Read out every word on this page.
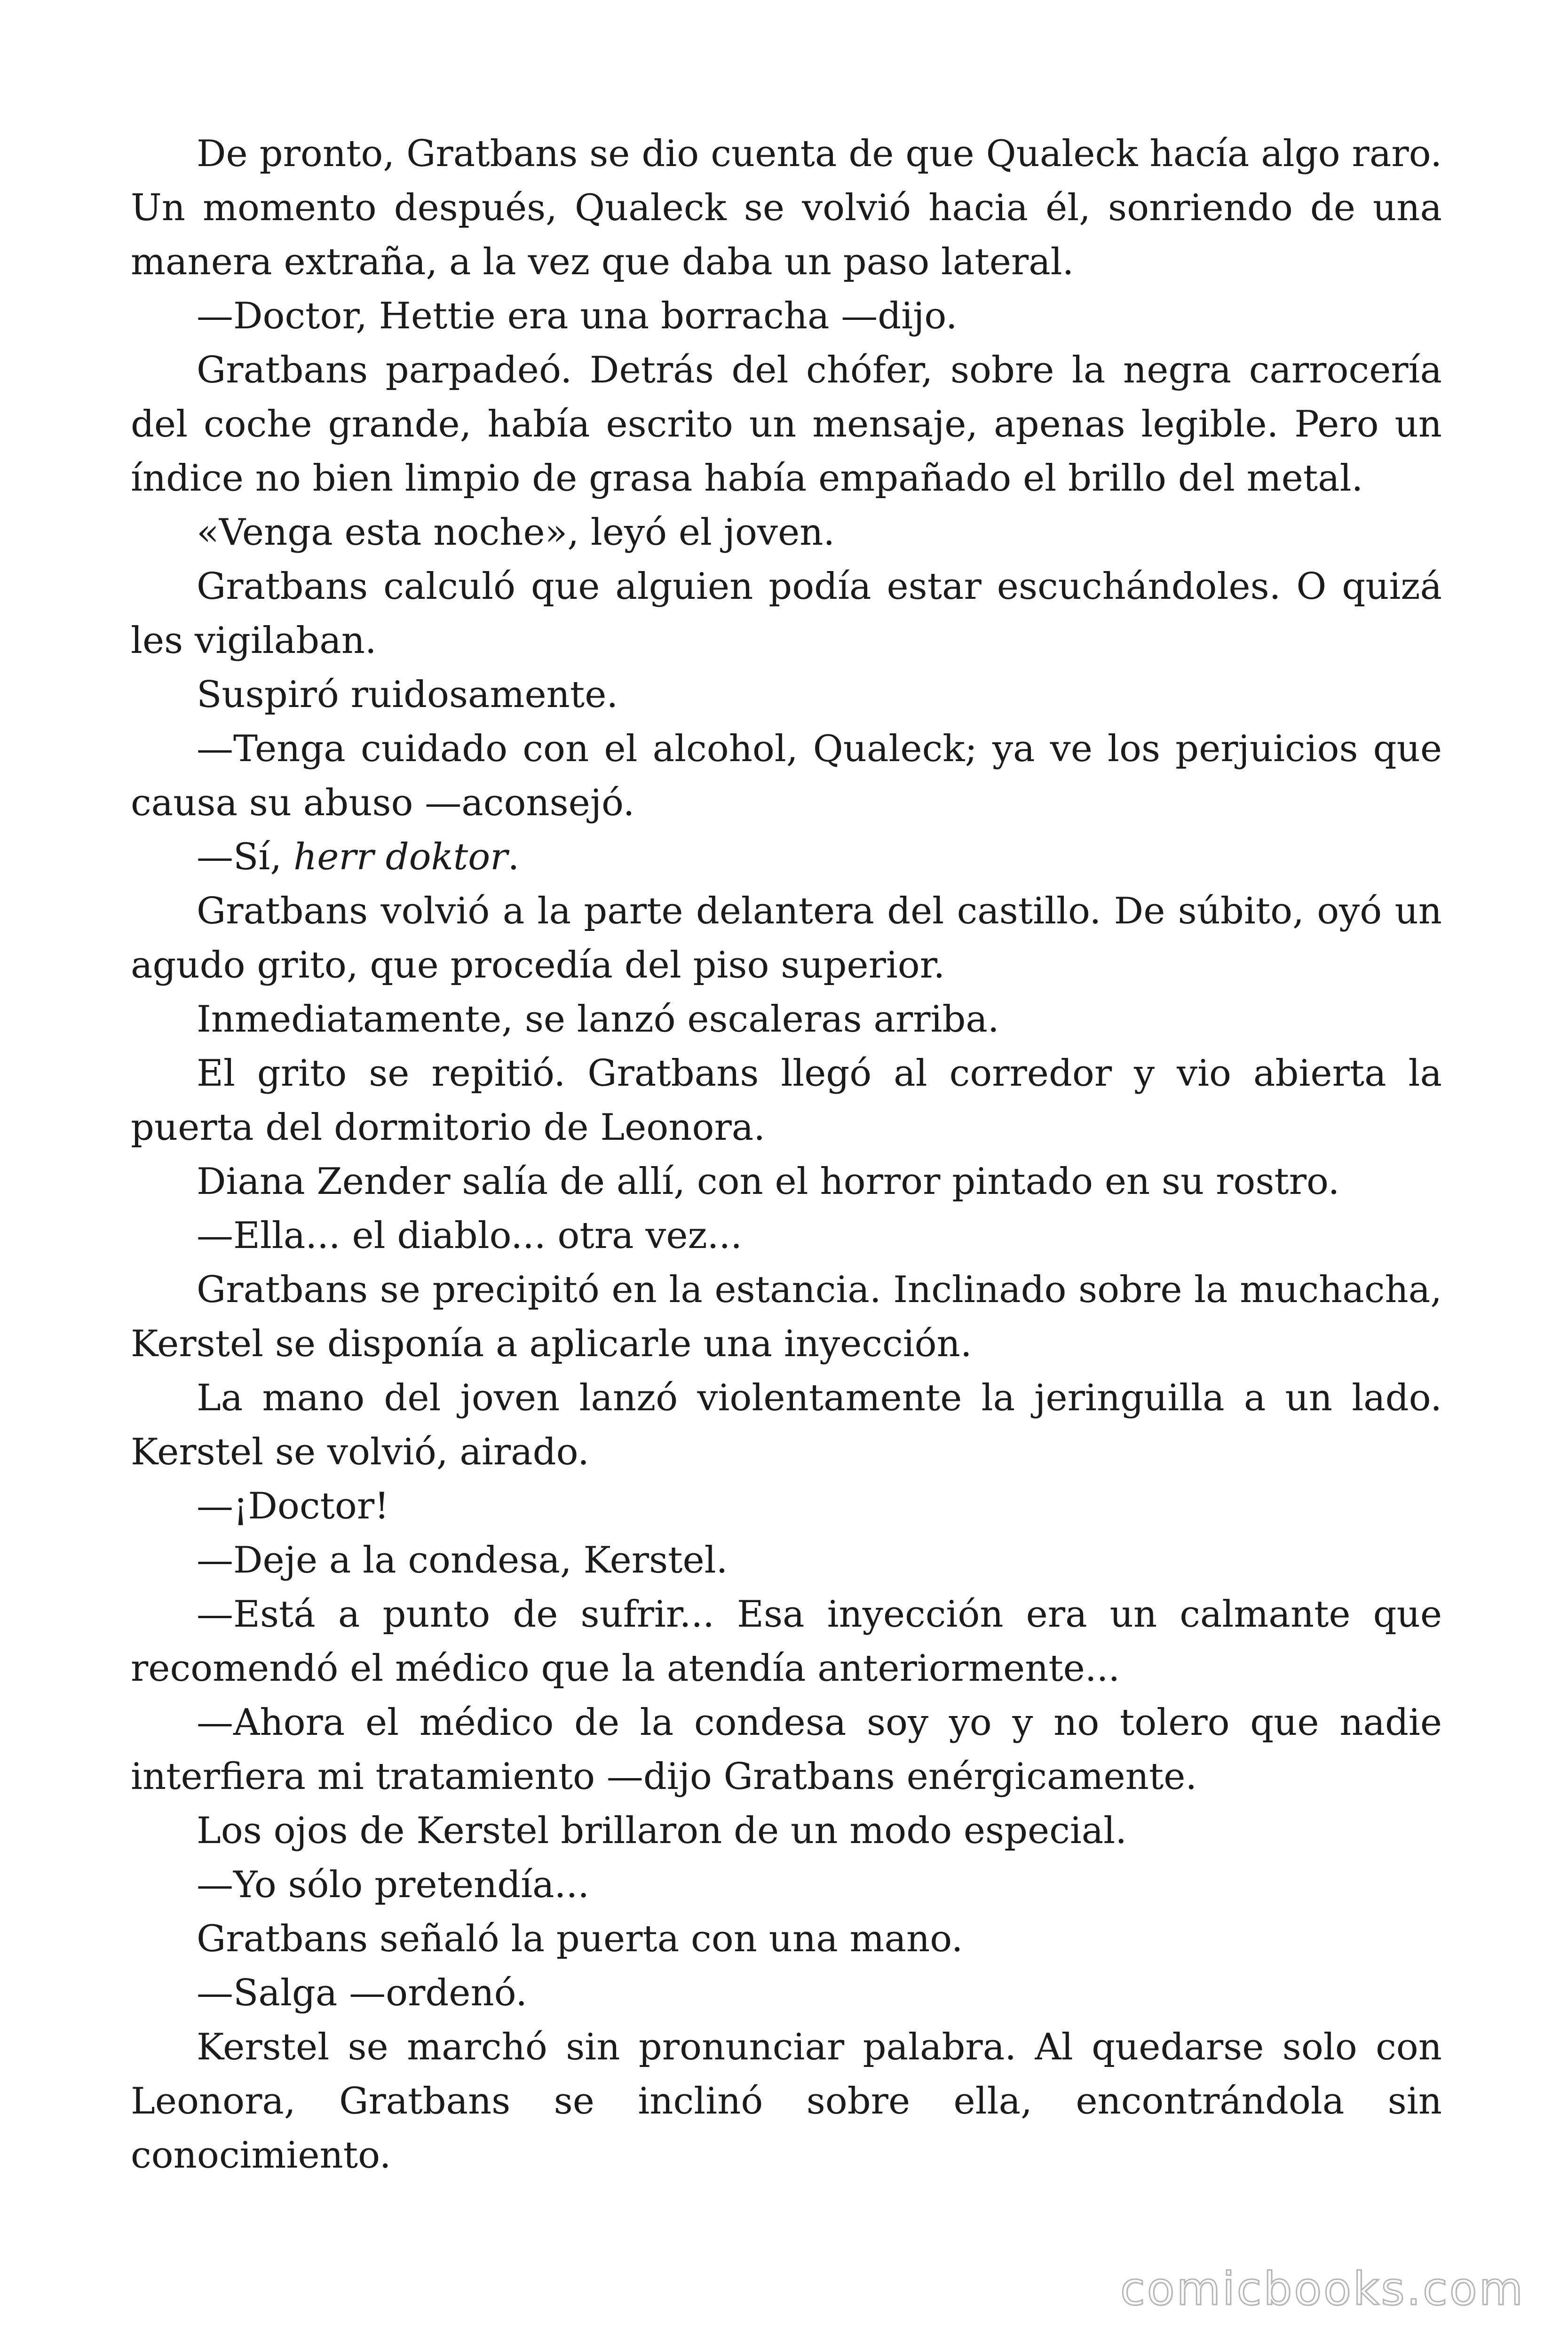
De pronto, Gratbans se dio cuenta de que Qualeck hacía algo raro. Un momento después, Qualeck se volvió hacia él, sonriendo de una manera extraña, a la vez que daba un paso lateral.

—Doctor, Hettie era una borracha —dijo.

Gratbans parpadeó. Detrás del chófer, sobre la negra carrocería del coche grande, había escrito un mensaje, apenas legible. Pero un índice no bien limpio de grasa había empañado el brillo del metal.

«Venga esta noche», leyó el joven.

Gratbans calculó que alguien podía estar escuchándoles. O quizá les vigilaban.

Suspiró ruidosamente.

—Tenga cuidado con el alcohol, Qualeck; ya ve los perjuicios que causa su abuso —aconsejó.

—Sí, herr doktor.

Gratbans volvió a la parte delantera del castillo. De súbito, oyó un agudo grito, que procedía del piso superior.

Inmediatamente, se lanzó escaleras arriba.

El grito se repitió. Gratbans llegó al corredor y vio abierta la puerta del dormitorio de Leonora.

Diana Zender salía de allí, con el horror pintado en su rostro.

—Ella... el diablo... otra vez...

Gratbans se precipitó en la estancia. Inclinado sobre la muchacha, Kerstel se disponía a aplicarle una inyección.

La mano del joven lanzó violentamente la jeringuilla a un lado. Kerstel se volvió, airado.

—¡Doctor!

—Deje a la condesa, Kerstel.

—Está a punto de sufrir... Esa inyección era un calmante que recomendó el médico que la atendía anteriormente...

—Ahora el médico de la condesa soy yo y no tolero que nadie interfiera mi tratamiento —dijo Gratbans enérgicamente.

Los ojos de Kerstel brillaron de un modo especial.

—Yo sólo pretendía...

Gratbans señaló la puerta con una mano.

—Salga —ordenó.

Kerstel se marchó sin pronunciar palabra. Al quedarse solo con Leonora, Gratbans se inclinó sobre ella, encontrándola sin conocimiento.

comicbooks.com
